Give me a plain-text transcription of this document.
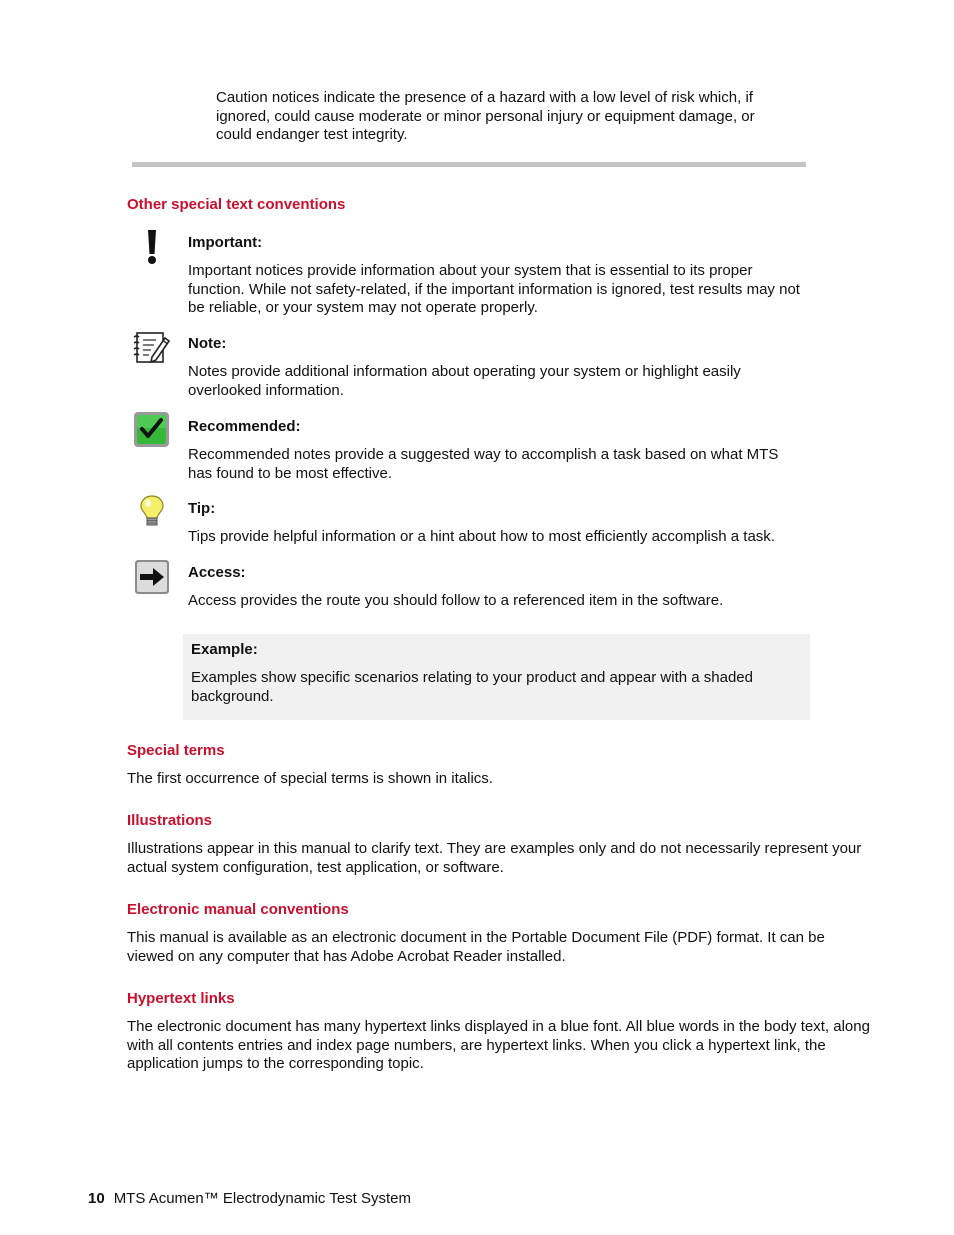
Caution notices indicate the presence of a hazard with a low level of risk which, if ignored, could cause moderate or minor personal injury or equipment damage, or could endanger test integrity.
Other special text conventions
Important:
Important notices provide information about your system that is essential to its proper function. While not safety-related, if the important information is ignored, test results may not be reliable, or your system may not operate properly.
Note:
Notes provide additional information about operating your system or highlight easily overlooked information.
Recommended:
Recommended notes provide a suggested way to accomplish a task based on what MTS has found to be most effective.
Tip:
Tips provide helpful information or a hint about how to most efficiently accomplish a task.
Access:
Access provides the route you should follow to a referenced item in the software.
Example:
Examples show specific scenarios relating to your product and appear with a shaded background.
Special terms
The first occurrence of special terms is shown in italics.
Illustrations
Illustrations appear in this manual to clarify text. They are examples only and do not necessarily represent your actual system configuration, test application, or software.
Electronic manual conventions
This manual is available as an electronic document in the Portable Document File (PDF) format. It can be viewed on any computer that has Adobe Acrobat Reader installed.
Hypertext links
The electronic document has many hypertext links displayed in a blue font. All blue words in the body text, along with all contents entries and index page numbers, are hypertext links. When you click a hypertext link, the application jumps to the corresponding topic.
10 MTS Acumen™ Electrodynamic Test System
